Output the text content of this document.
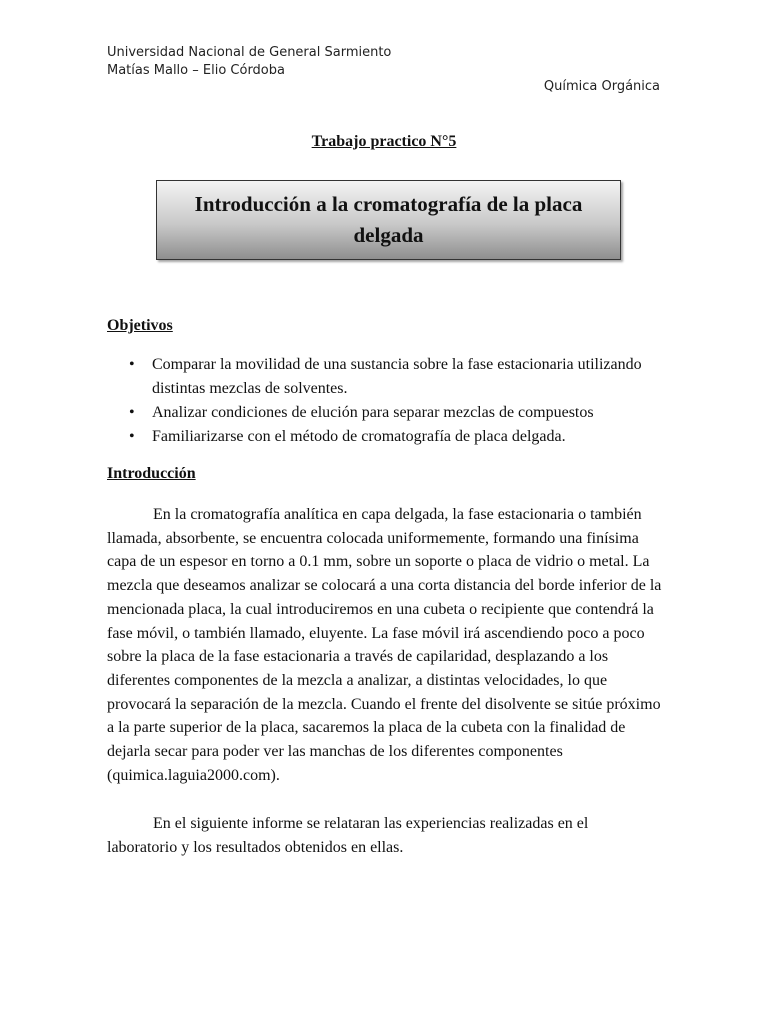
Universidad Nacional de General Sarmiento
Matías Mallo – Elio Córdoba
Química Orgánica
Trabajo practico N°5
Introducción a la cromatografía de la placa delgada
Objetivos
• Comparar la movilidad de una sustancia sobre la fase estacionaria utilizando distintas mezclas de solventes.
• Analizar condiciones de elución para separar mezclas de compuestos
• Familiarizarse con el método de cromatografía de placa delgada.
Introducción

En la cromatografía analítica en capa delgada, la fase estacionaria o también llamada, absorbente, se encuentra colocada uniformemente, formando una finísima capa de un espesor en torno a 0.1 mm, sobre un soporte o placa de vidrio o metal. La mezcla que deseamos analizar se colocará a una corta distancia del borde inferior de la mencionada placa, la cual introduciremos en una cubeta o recipiente que contendrá la fase móvil, o también llamado, eluyente. La fase móvil irá ascendiendo poco a poco sobre la placa de la fase estacionaria a través de capilaridad, desplazando a los diferentes componentes de la mezcla a analizar, a distintas velocidades, lo que provocará la separación de la mezcla. Cuando el frente del disolvente se sitúe próximo a la parte superior de la placa, sacaremos la placa de la cubeta con la finalidad de dejarla secar para poder ver las manchas de los diferentes componentes (quimica.laguia2000.com).

En el siguiente informe se relataran las experiencias realizadas en el laboratorio y los resultados obtenidos en ellas.
